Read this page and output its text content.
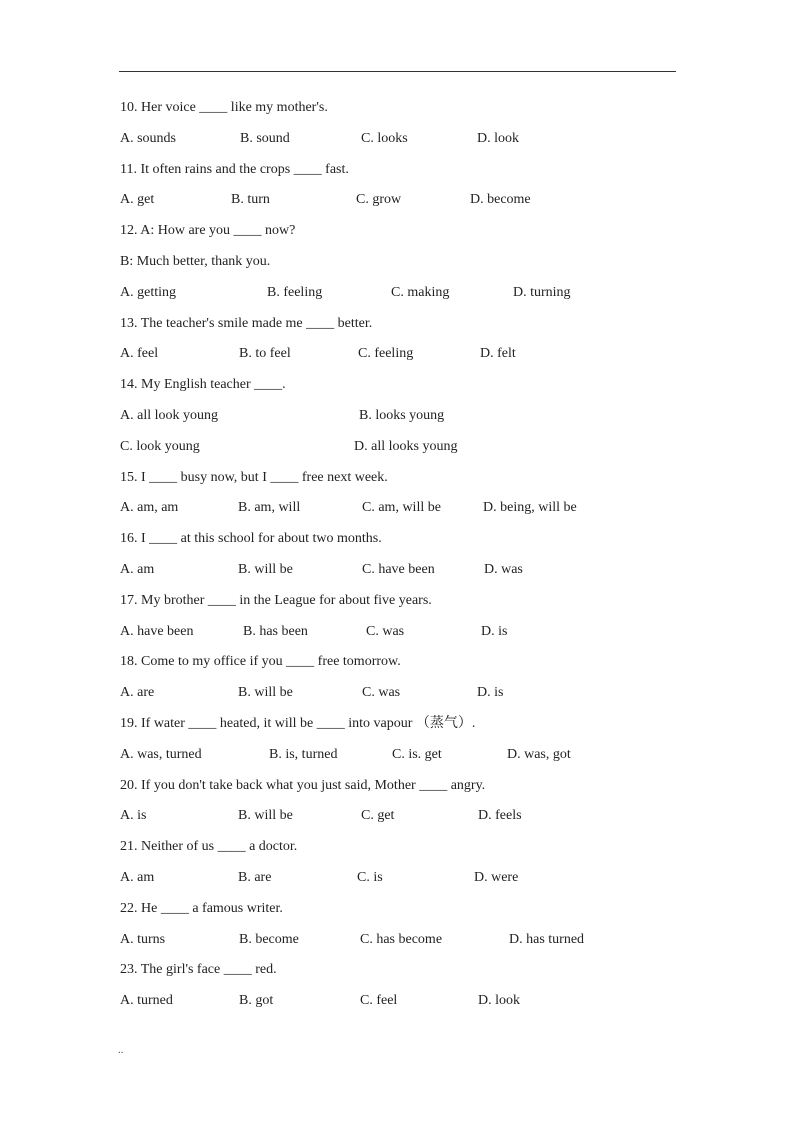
10. Her voice ____ like my mother's.
A. sounds	B. sound	C. looks	D. look
11. It often rains and the crops ____ fast.
A. get	B. turn	C. grow	D. become
12. A: How are you ____ now?
B: Much better, thank you.
A. getting	B. feeling	C. making	D. turning
13. The teacher's smile made me ____ better.
A. feel	B. to feel	C. feeling	D. felt
14. My English teacher ____.
A. all look young	B. looks young
C. look young	D. all looks young
15. I ____ busy now, but I ____ free next week.
A. am, am	B. am, will	C. am, will be	D. being, will be
16. I ____ at this school for about two months.
A. am	B. will be	C. have been	D. was
17. My brother ____ in the League for about five years.
A. have been	B. has been	C. was	D. is
18. Come to my office if you ____ free tomorrow.
A. are	B. will be	C. was	D. is
19. If water ____ heated, it will be ____ into vapour （蒸气）.
A. was, turned	B. is, turned	C. is. get	D. was, got
20. If you don't take back what you just said, Mother ____ angry.
A. is	B. will be	C. get	D. feels
21. Neither of us ____ a doctor.
A. am	B. are	C. is	D. were
22. He ____ a famous writer.
A. turns	B. become	C. has become	D. has turned
23. The girl's face ____ red.
A. turned	B. got	C. feel	D. look
..
